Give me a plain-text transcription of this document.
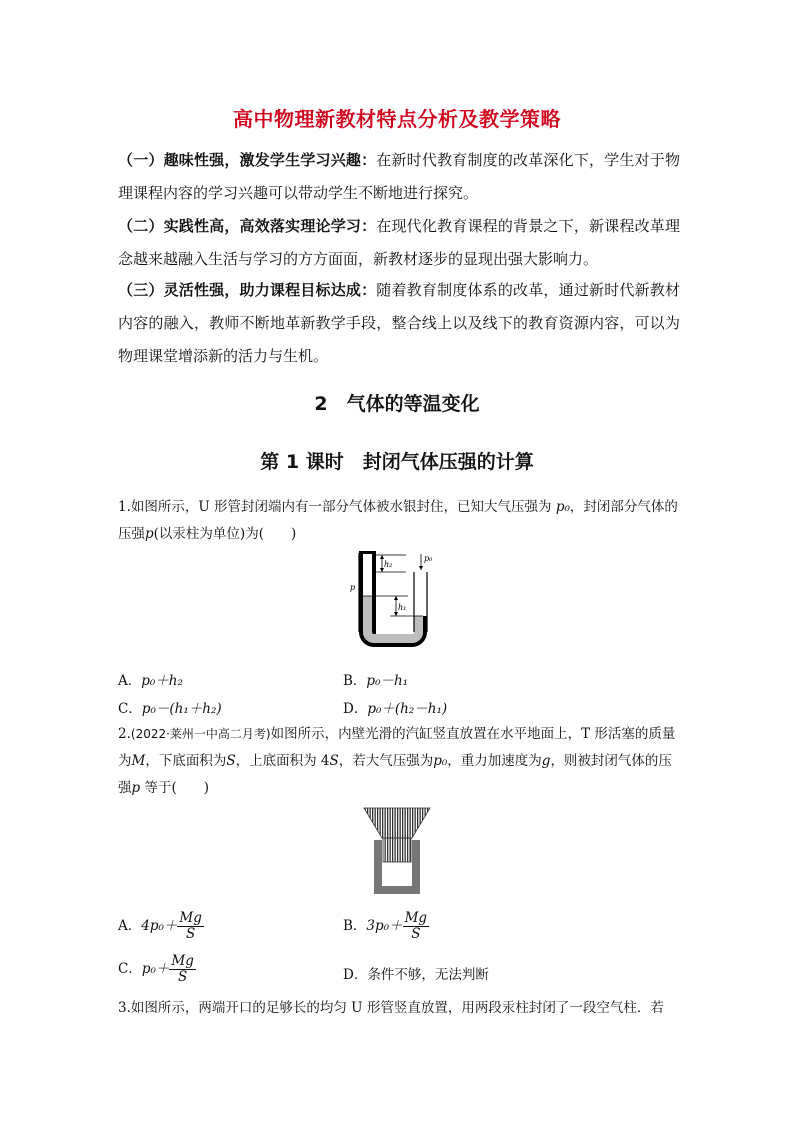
高中物理新教材特点分析及教学策略
（一）趣味性强，激发学生学习兴趣：在新时代教育制度的改革深化下，学生对于物理课程内容的学习兴趣可以带动学生不断地进行探究。
（二）实践性高，高效落实理论学习：在现代化教育课程的背景之下，新课程改革理念越来越融入生活与学习的方方面面，新教材逐步的显现出强大影响力。
（三）灵活性强，助力课程目标达成：随着教育制度体系的改革，通过新时代新教材内容的融入，教师不断地革新教学手段，整合线上以及线下的教育资源内容，可以为物理课堂增添新的活力与生机。
2　气体的等温变化
第 1 课时　封闭气体压强的计算
1.如图所示，U 形管封闭端内有一部分气体被水银封住，已知大气压强为 p₀，封闭部分气体的压强p(以汞柱为单位)为(　　)
h₂
h₁
p₀
p
A．p₀＋h₂	B．p₀－h₁
C．p₀－(h₁＋h₂)	D．p₀＋(h₂－h₁)
2.(2022·莱州一中高二月考)如图所示，内壁光滑的汽缸竖直放置在水平地面上，T 形活塞的质量为M，下底面积为S，上底面积为 4S，若大气压强为p₀，重力加速度为g，则被封闭气体的压强p 等于(　　)
A．$4p_0+ \frac{Mg}{S}$	B．$3p_0+ \frac{Mg}{S}$
C．$p_0+ \frac{Mg}{S}$	D．条件不够，无法判断
3.如图所示，两端开口的足够长的均匀 U 形管竖直放置，用两段汞柱封闭了一段空气柱．若
